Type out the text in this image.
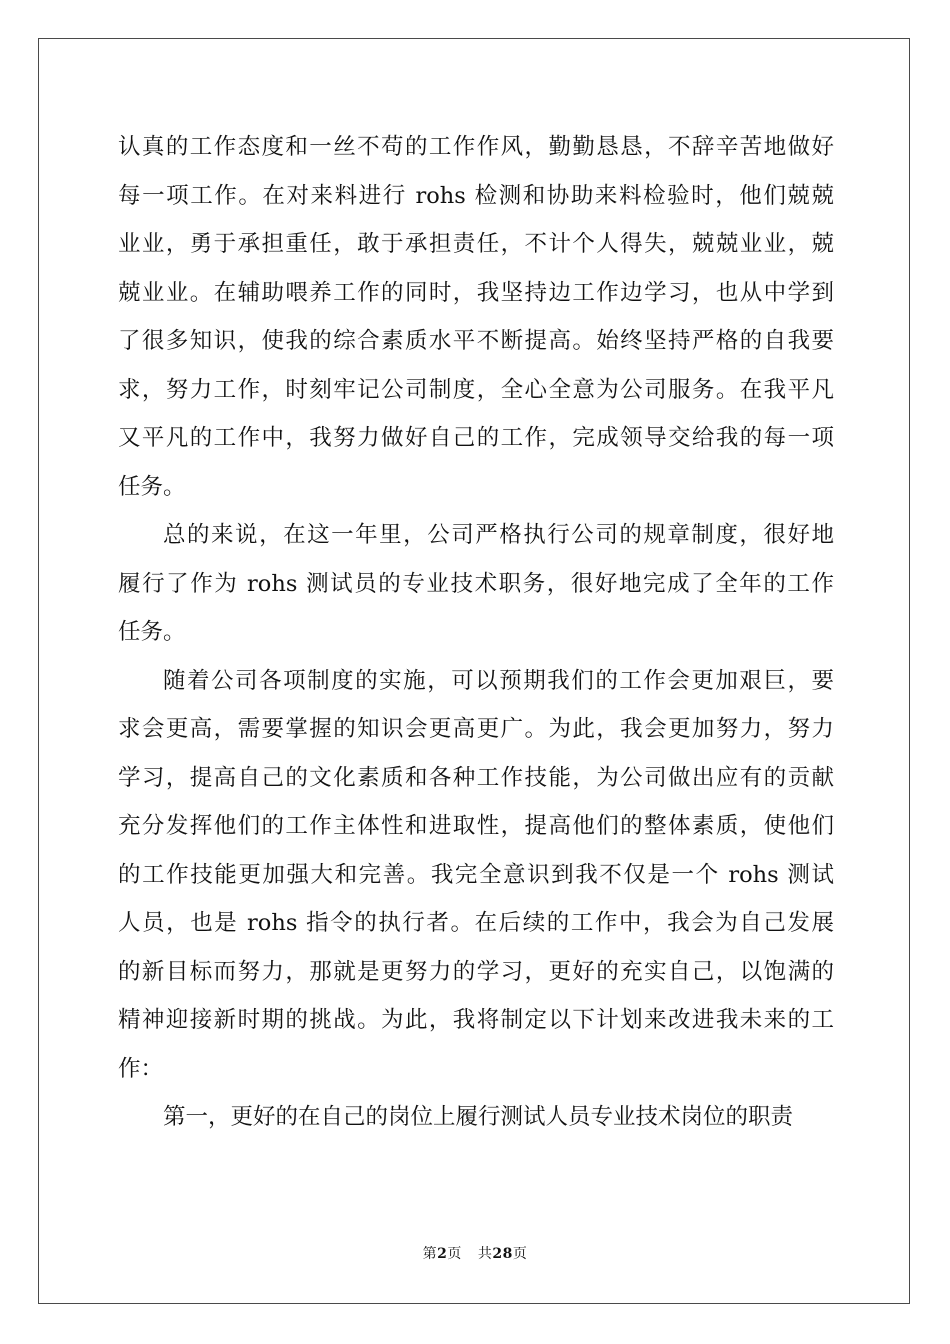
认真的工作态度和一丝不苟的工作作风，勤勤恳恳，不辞辛苦地做好
每一项工作。在对来料进行 rohs 检测和协助来料检验时，他们兢兢
业业，勇于承担重任，敢于承担责任，不计个人得失，兢兢业业，兢
兢业业。在辅助喂养工作的同时，我坚持边工作边学习，也从中学到
了很多知识，使我的综合素质水平不断提高。始终坚持严格的自我要
求，努力工作，时刻牢记公司制度，全心全意为公司服务。在我平凡
又平凡的工作中，我努力做好自己的工作，完成领导交给我的每一项
任务。
总的来说，在这一年里，公司严格执行公司的规章制度，很好地
履行了作为 rohs 测试员的专业技术职务，很好地完成了全年的工作
任务。
随着公司各项制度的实施，可以预期我们的工作会更加艰巨，要
求会更高，需要掌握的知识会更高更广。为此，我会更加努力，努力
学习，提高自己的文化素质和各种工作技能，为公司做出应有的贡献
充分发挥他们的工作主体性和进取性，提高他们的整体素质，使他们
的工作技能更加强大和完善。我完全意识到我不仅是一个 rohs 测试
人员，也是 rohs 指令的执行者。在后续的工作中，我会为自己发展
的新目标而努力，那就是更努力的学习，更好的充实自己，以饱满的
精神迎接新时期的挑战。为此，我将制定以下计划来改进我未来的工
作：
第一，更好的在自己的岗位上履行测试人员专业技术岗位的职责
第2页 共28页
